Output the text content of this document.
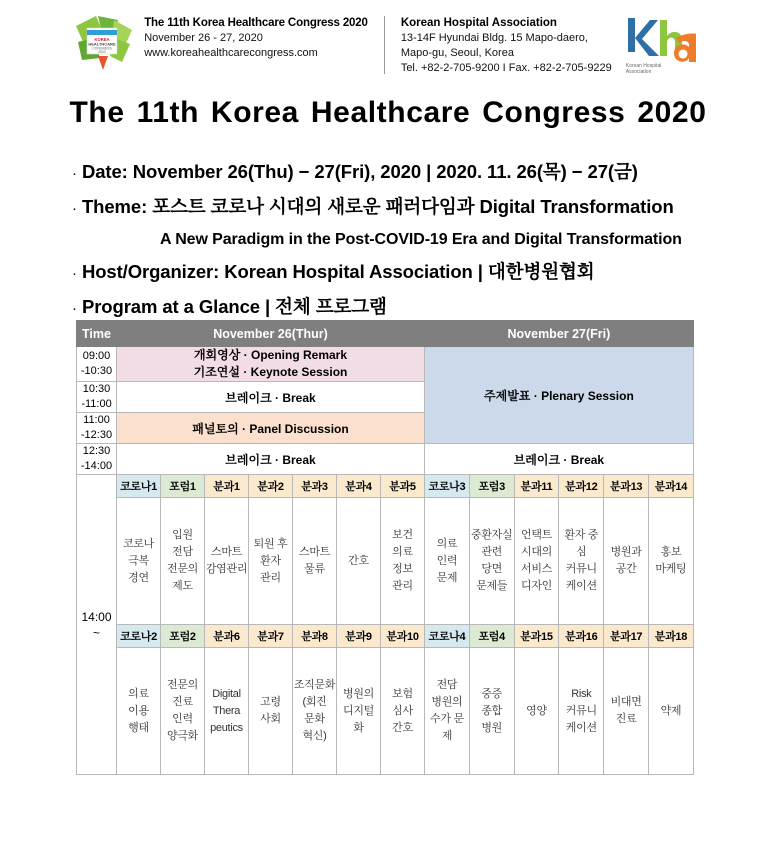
KOREA
HEALTHCARE
CONGRESS
2020
The 11th Korea Healthcare Congress 2020
November 26 - 27, 2020
www.koreahealthcarecongress.com
Korean Hospital Association
13-14F Hyundai Bldg. 15 Mapo-daero,
Mapo-gu, Seoul, Korea
Tel. +82-2-705-9200 I Fax. +82-2-705-9229	Korean Hospital
Association
The 11th Korea Healthcare Congress 2020
· Date: November 26(Thu) − 27(Fri), 2020 | 2020. 11. 26(목) − 27(금)
· Theme: 포스트 코로나 시대의 새로운 패러다임과 Digital Transformation
A New Paradigm in the Post-COVID-19 Era and Digital Transformation
· Host/Organizer: Korean Hospital Association | 대한병원협회
· Program at a Glance | 전체 프로그램
Time	November 26(Thur)							November 27(Fri)					

09:00
-10:30

개회영상 · Opening Remark
기조연설 · Keynote Session
	주제발표 · Plenary Session

10:30
-11:00	브레이크 · Break												

11:00
-12:30	패널토의 · Panel Discussion												

12:30
-14:00	브레이크 · Break							브레이크 · Break					

14:00
~	코로나1	포럼1	분과1	분과2	분과3	분과4	분과5	코로나3	포럼3	분과11	분과12	분과13	분과14

	코로나
극복
경연	입원
전담
전문의
제도	스마트
감염관리	퇴원 후
환자
관리	스마트
물류	간호	보건
의료
정보
관리	의료
인력
문제	중환자실
관련
당면
문제들	언택트
시대의
서비스
디자인	환자 중심
커뮤니
케이션	병원과
공간	홍보
마케팅

	코로나2	포럼2	분과6	분과7	분과8	분과9	분과10	코로나4	포럼4	분과15	분과16	분과17	분과18

	의료
이용
행태	전문의
진료
인력
양극화	Digital
Thera
peutics	고령
사회	조직문화
(회진
문화
혁신)	병원의
디지털
화	보험
심사
간호	전담
병원의
수가 문제	중증
종합
병원	영양	Risk
커뮤니
케이션	비대면
진료	약제
